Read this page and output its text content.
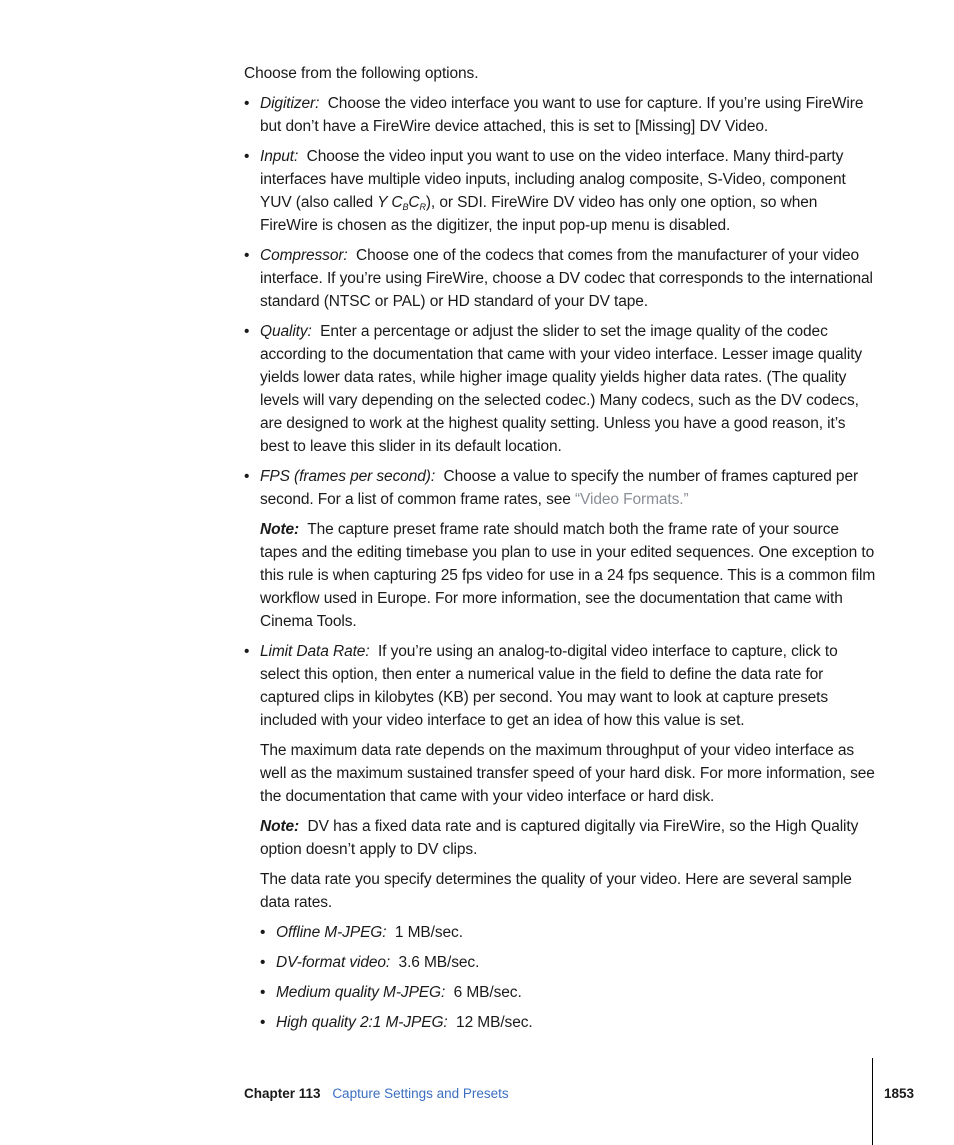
Choose from the following options.

• Digitizer: Choose the video interface you want to use for capture. If you’re using FireWire but don’t have a FireWire device attached, this is set to [Missing] DV Video.
• Input: Choose the video input you want to use on the video interface. Many third-party interfaces have multiple video inputs, including analog composite, S-Video, component YUV (also called Y $C_BC_R$), or SDI. FireWire DV video has only one option, so when FireWire is chosen as the digitizer, the input pop-up menu is disabled.
• Compressor: Choose one of the codecs that comes from the manufacturer of your video interface. If you’re using FireWire, choose a DV codec that corresponds to the international standard (NTSC or PAL) or HD standard of your DV tape.
• Quality: Enter a percentage or adjust the slider to set the image quality of the codec according to the documentation that came with your video interface. Lesser image quality yields lower data rates, while higher image quality yields higher data rates. (The quality levels will vary depending on the selected codec.) Many codecs, such as the DV codecs, are designed to work at the highest quality setting. Unless you have a good reason, it’s best to leave this slider in its default location.
• FPS (frames per second): Choose a value to specify the number of frames captured per second. For a list of common frame rates, see “Video Formats.”

Note: The capture preset frame rate should match both the frame rate of your source tapes and the editing timebase you plan to use in your edited sequences. One exception to this rule is when capturing 25 fps video for use in a 24 fps sequence. This is a common film workflow used in Europe. For more information, see the documentation that came with Cinema Tools.

• Limit Data Rate: If you’re using an analog-to-digital video interface to capture, click to select this option, then enter a numerical value in the field to define the data rate for captured clips in kilobytes (KB) per second. You may want to look at capture presets included with your video interface to get an idea of how this value is set.

The maximum data rate depends on the maximum throughput of your video interface as well as the maximum sustained transfer speed of your hard disk. For more information, see the documentation that came with your video interface or hard disk.

Note: DV has a fixed data rate and is captured digitally via FireWire, so the High Quality option doesn’t apply to DV clips.

The data rate you specify determines the quality of your video. Here are several sample data rates.

• Offline M-JPEG: 1 MB/sec.
• DV-format video: 3.6 MB/sec.
• Medium quality M-JPEG: 6 MB/sec.
• High quality 2:1 M-JPEG: 12 MB/sec.
Chapter 113 Capture Settings and Presets	1853
